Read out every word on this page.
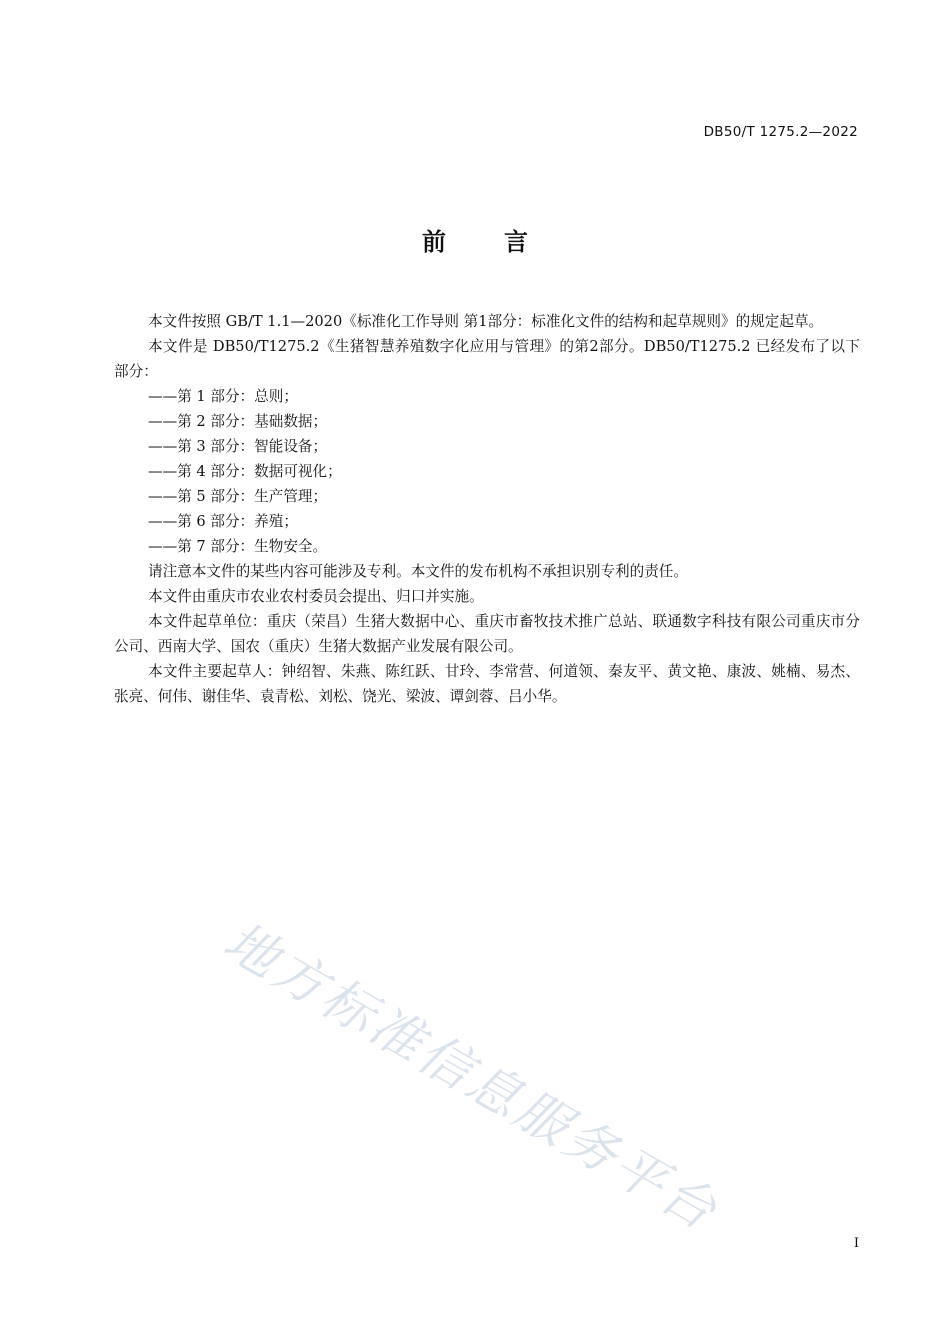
DB50/T 1275.2—2022
前言

本文件按照 GB/T 1.1—2020《标准化工作导则 第1部分：标准化文件的结构和起草规则》的规定起草。

本文件是 DB50/T1275.2《生猪智慧养殖数字化应用与管理》的第2部分。DB50/T1275.2 已经发布了以下部分：

——第 1 部分：总则；

——第 2 部分：基础数据；

——第 3 部分：智能设备；

——第 4 部分：数据可视化；

——第 5 部分：生产管理；

——第 6 部分：养殖；

——第 7 部分：生物安全。

请注意本文件的某些内容可能涉及专利。本文件的发布机构不承担识别专利的责任。

本文件由重庆市农业农村委员会提出、归口并实施。

本文件起草单位：重庆（荣昌）生猪大数据中心、重庆市畜牧技术推广总站、联通数字科技有限公司重庆市分公司、西南大学、国农（重庆）生猪大数据产业发展有限公司。

本文件主要起草人：钟绍智、朱燕、陈红跃、甘玲、李常营、何道领、秦友平、黄文艳、康波、姚楠、易杰、张亮、何伟、谢佳华、袁青松、刘松、饶光、梁波、谭剑蓉、吕小华。

地方标准信息服务平台
I
